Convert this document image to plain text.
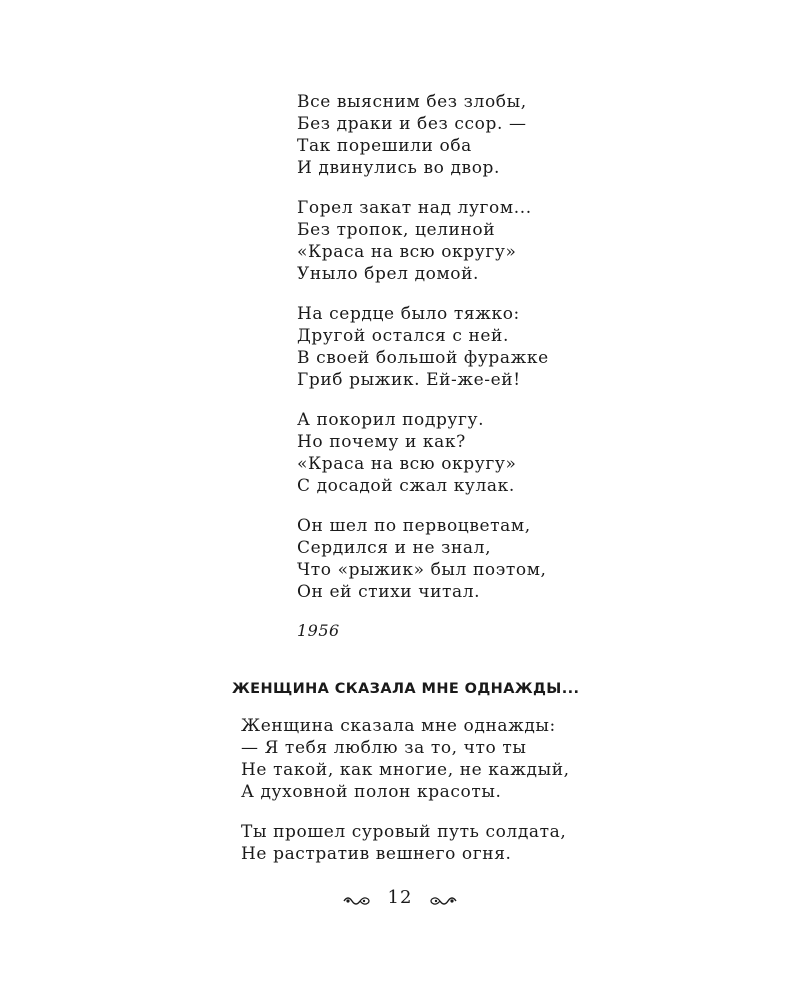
Все выясним без злобы,
Без драки и без ссор. —
Так порешили оба
И двинулись во двор.
Горел закат над лугом...
Без тропок, целиной
«Краса на всю округу»
Уныло брел домой.
На сердце было тяжко:
Другой остался с ней.
В своей большой фуражке
Гриб рыжик. Ей-же-ей!
А покорил подругу.
Но почему и как?
«Краса на всю округу»
С досадой сжал кулак.
Он шел по первоцветам,
Сердился и не знал,
Что «рыжик» был поэтом,
Он ей стихи читал.
1956
ЖЕНЩИНА СКАЗАЛА МНЕ ОДНАЖДЫ...
Женщина сказала мне однажды:
— Я тебя люблю за то, что ты
Не такой, как многие, не каждый,
А духовной полон красоты.
Ты прошел суровый путь солдата,
Не растратив вешнего огня.
12
